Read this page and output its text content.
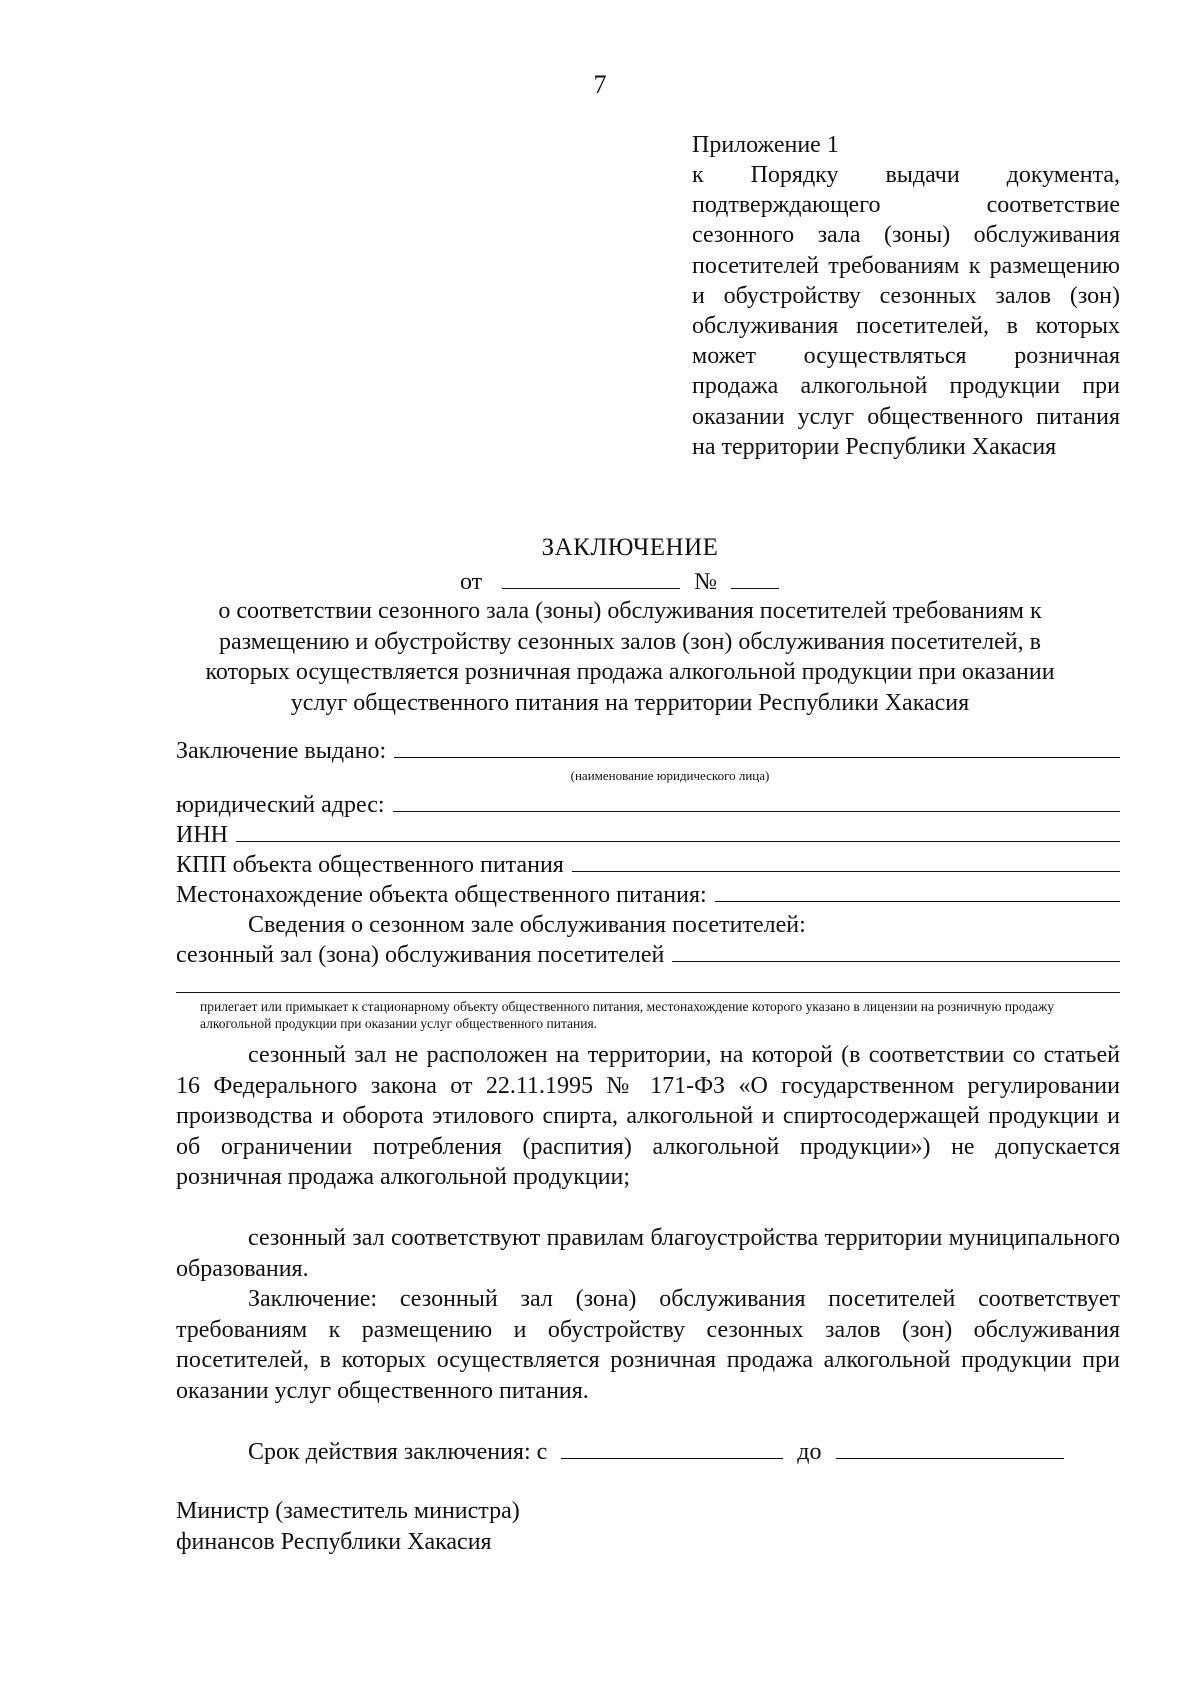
7
Приложение 1
к Порядку выдачи документа, подтверждающего соответствие сезонного зала (зоны) обслуживания посетителей требованиям к размещению и обустройству сезонных залов (зон) обслуживания посетителей, в которых может осуществляться розничная продажа алкогольной продукции при оказании услуг общественного питания на территории Республики Хакасия
ЗАКЛЮЧЕНИЕ
от	№
о соответствии сезонного зала (зоны) обслуживания посетителей требованиям к размещению и обустройству сезонных залов (зон) обслуживания посетителей, в которых осуществляется розничная продажа алкогольной продукции при оказании услуг общественного питания на территории Республики Хакасия
Заключение выдано:
(наименование юридического лица)
юридический адрес:
ИНН
КПП объекта общественного питания
Местонахождение объекта общественного питания:
Сведения о сезонном зале обслуживания посетителей:
сезонный зал (зона) обслуживания посетителей
прилегает или примыкает к стационарному объекту общественного питания, местонахождение которого указано в лицензии на розничную продажу алкогольной продукции при оказании услуг общественного питания.
сезонный зал не расположен на территории, на которой (в соответствии со статьей 16 Федерального закона от 22.11.1995 № 171-ФЗ «О государственном регулировании производства и оборота этилового спирта, алкогольной и спиртосодержащей продукции и об ограничении потребления (распития) алкогольной продукции») не допускается розничная продажа алкогольной продукции;
сезонный зал соответствуют правилам благоустройства территории муниципального образования.
Заключение: сезонный зал (зона) обслуживания посетителей соответствует требованиям к размещению и обустройству сезонных залов (зон) обслуживания посетителей, в которых осуществляется розничная продажа алкогольной продукции при оказании услуг общественного питания.
Срок действия заключения: с	до
Министр (заместитель министра)
финансов Республики Хакасия
